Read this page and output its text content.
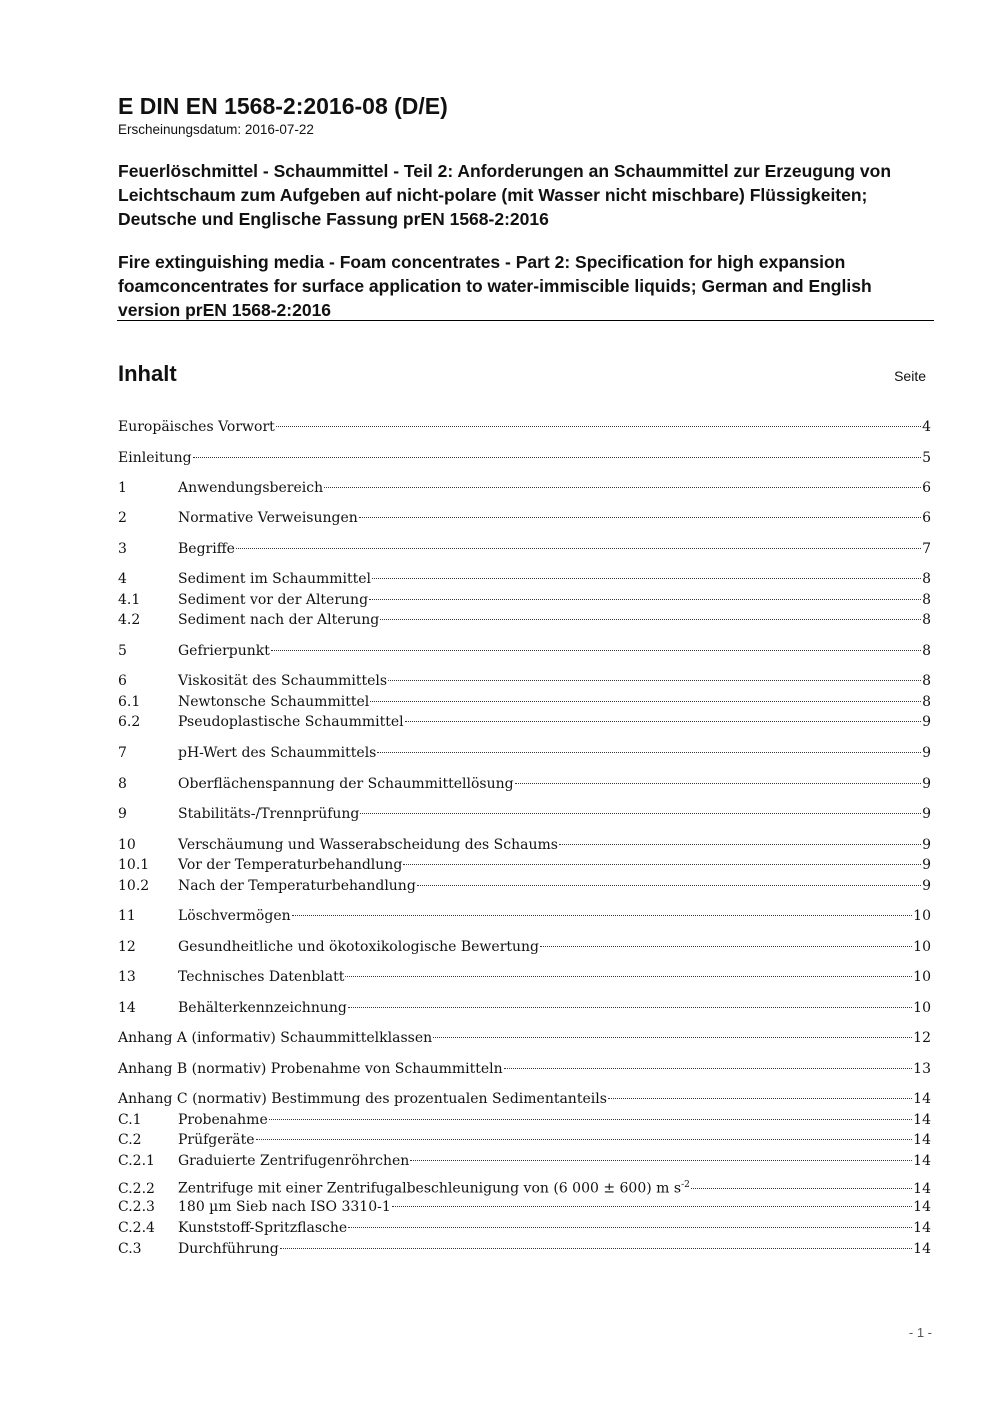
E DIN EN 1568-2:2016-08 (D/E)

Erscheinungsdatum: 2016-07-22

Feuerlöschmittel - Schaummittel - Teil 2: Anforderungen an Schaummittel zur Erzeugung von Leichtschaum zum Aufgeben auf nicht-polare (mit Wasser nicht mischbare) Flüssigkeiten; Deutsche und Englische Fassung prEN 1568-2:2016

Fire extinguishing media - Foam concentrates - Part 2: Specification for high expansion foamconcentrates for surface application to water-immiscible liquids; German and English version prEN 1568-2:2016

Inhalt	Seite
Europäisches Vorwort	4
Einleitung	5
1	Anwendungsbereich	6
2	Normative Verweisungen	6
3	Begriffe	7
4	Sediment im Schaummittel	8
4.1	Sediment vor der Alterung	8
4.2	Sediment nach der Alterung	8
5	Gefrierpunkt	8
6	Viskosität des Schaummittels	8
6.1	Newtonsche Schaummittel	8
6.2	Pseudoplastische Schaummittel	9
7	pH-Wert des Schaummittels	9
8	Oberflächenspannung der Schaummittellösung	9
9	Stabilitäts-/Trennprüfung	9
10	Verschäumung und Wasserabscheidung des Schaums	9
10.1	Vor der Temperaturbehandlung	9
10.2	Nach der Temperaturbehandlung	9
11	Löschvermögen	10
12	Gesundheitliche und ökotoxikologische Bewertung	10
13	Technisches Datenblatt	10
14	Behälterkennzeichnung	10
Anhang A (informativ) Schaummittelklassen	12
Anhang B (normativ) Probenahme von Schaummitteln	13
Anhang C (normativ) Bestimmung des prozentualen Sedimentanteils	14
C.1	Probenahme	14
C.2	Prüfgeräte	14
C.2.1	Graduierte Zentrifugenröhrchen	14
C.2.2	Zentrifuge mit einer Zentrifugalbeschleunigung von (6 000 ± 600) m $s^{-2}$	14
C.2.3	180 µm Sieb nach ISO 3310-1	14
C.2.4	Kunststoff-Spritzflasche	14
C.3	Durchführung	14
- 1 -
